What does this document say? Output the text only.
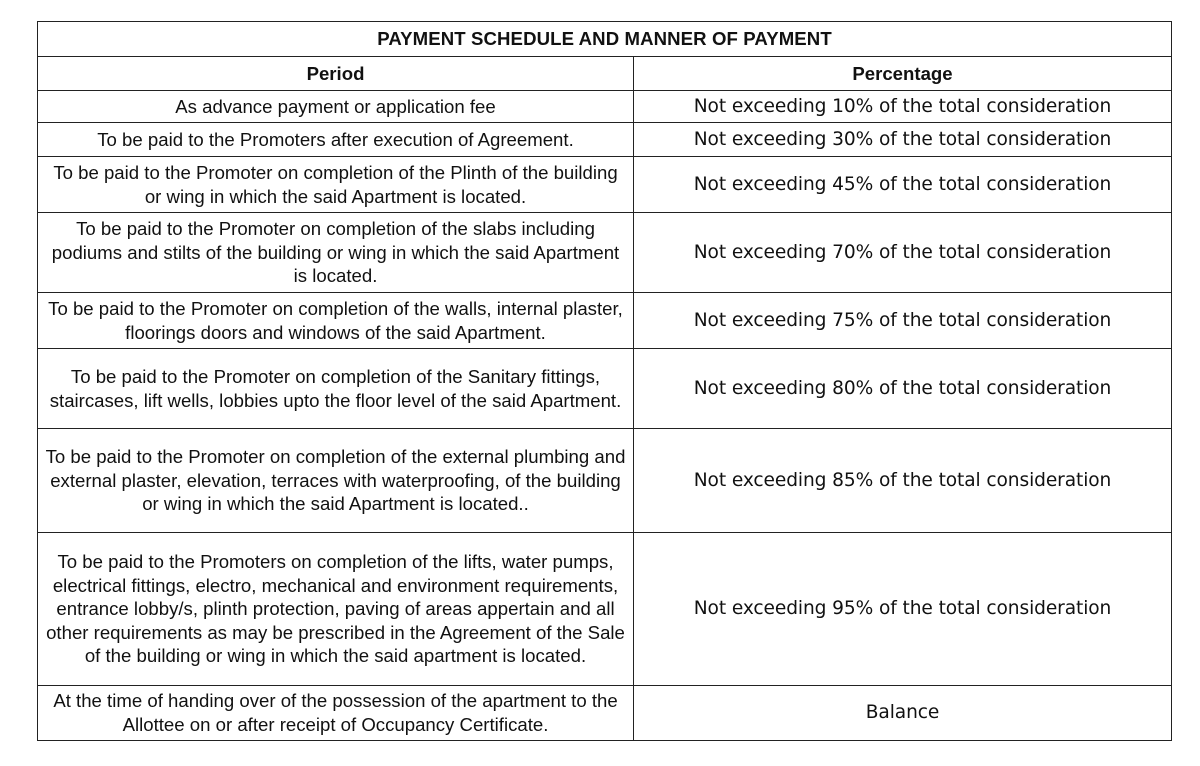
PAYMENT SCHEDULE AND MANNER OF PAYMENT	
Period	Percentage
As advance payment or application fee	Not exceeding 10% of the total consideration
To be paid to the Promoters after execution of Agreement.	Not exceeding 30% of the total consideration
To be paid to the Promoter on completion of the Plinth of the building or wing in which the said Apartment is located.	Not exceeding 45% of the total consideration
To be paid to the Promoter on completion of the slabs including podiums and stilts of the building or wing in which the said Apartment is located.	Not exceeding 70% of the total consideration
To be paid to the Promoter on completion of the walls, internal plaster, floorings doors and windows of the said Apartment.	Not exceeding 75% of the total consideration
To be paid to the Promoter on completion of the Sanitary fittings, staircases, lift wells, lobbies upto the floor level of the said Apartment.	Not exceeding 80% of the total consideration
To be paid to the Promoter on completion of the external plumbing and external plaster, elevation, terraces with waterproofing, of the building or wing in which the said Apartment is located..	Not exceeding 85% of the total consideration
To be paid to the Promoters on completion of the lifts, water pumps, electrical fittings, electro, mechanical and environment requirements, entrance lobby/s, plinth protection, paving of areas appertain and all other requirements as may be prescribed in the Agreement of the Sale of the building or wing in which the said apartment is located.	Not exceeding 95% of the total consideration
At the time of handing over of the possession of the apartment to the Allottee on or after receipt of Occupancy Certificate.	Balance
